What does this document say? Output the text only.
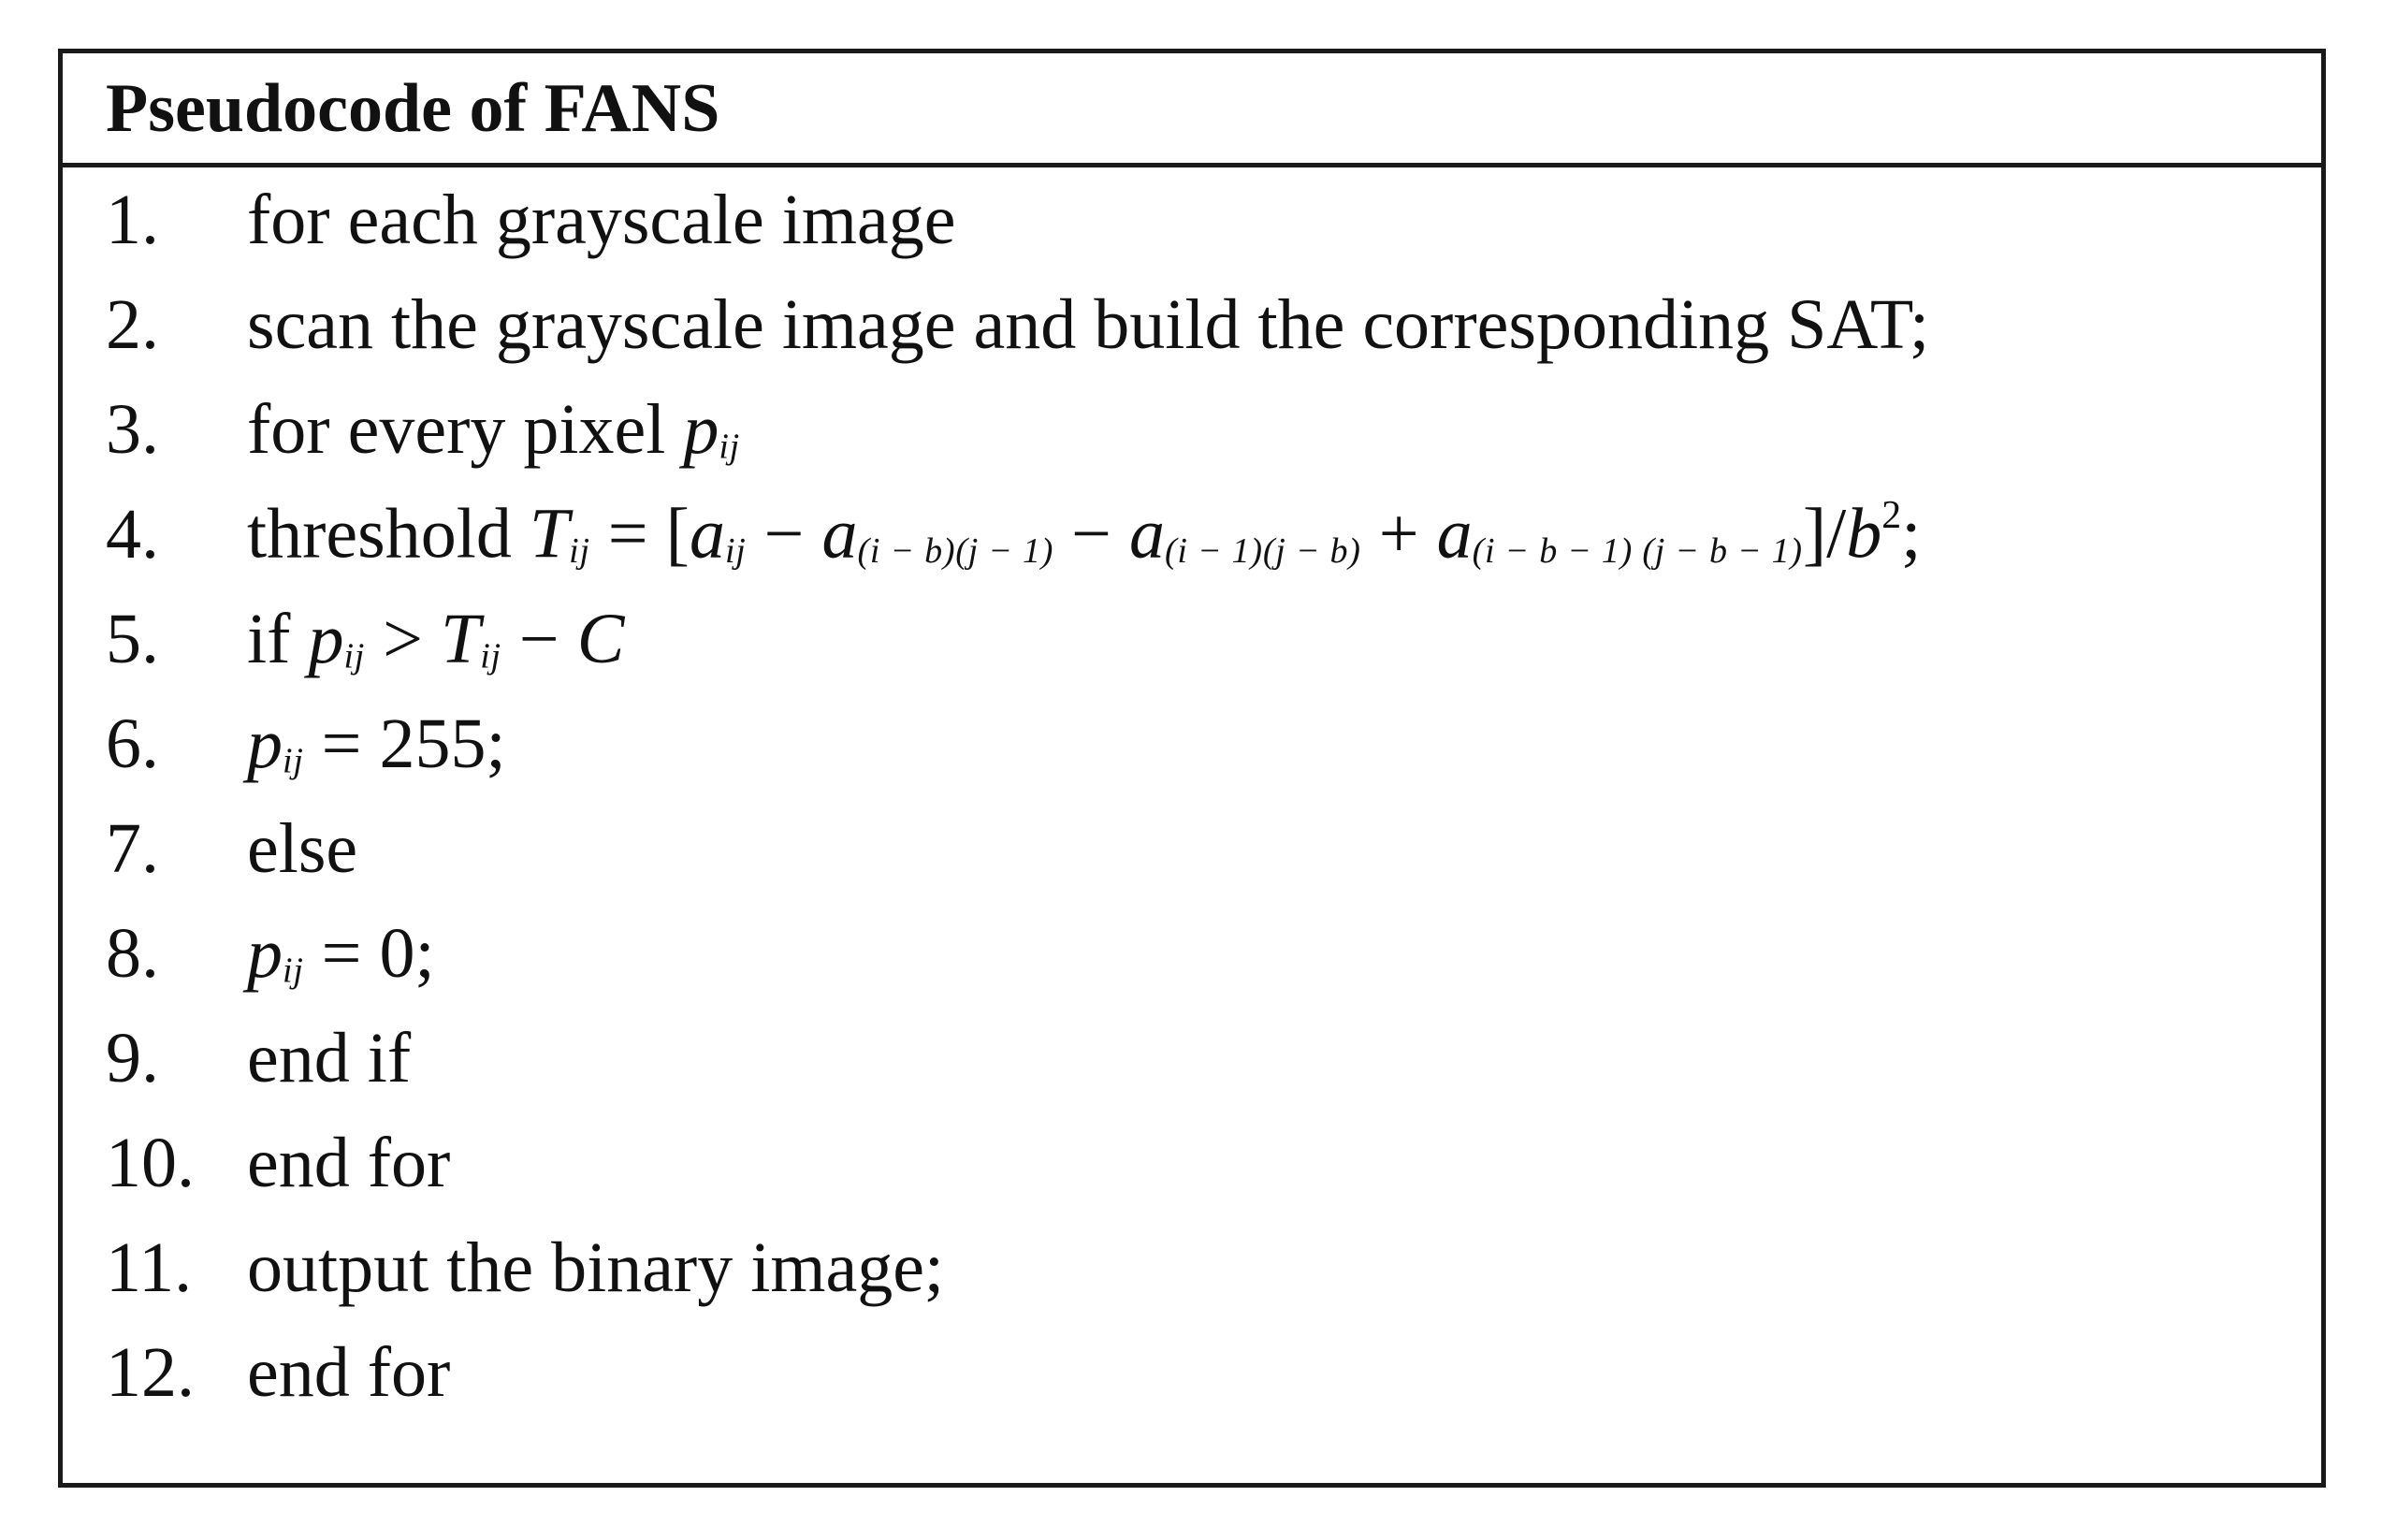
Pseudocode of FANS
1.	for each grayscale image
2.	scan the grayscale image and build the corresponding SAT;
3.	for every pixel pij
4.	threshold Tij = [aij − a(i − b)(j − 1) − a(i − 1)(j − b) + a(i − b − 1) $(j - b - 1)]/b^2$;
5.	if pij > Tij − C
6.	pij = 255;
7.	else
8.	pij = 0;
9.	end if
10. end for
11. output the binary image;
12. end for
